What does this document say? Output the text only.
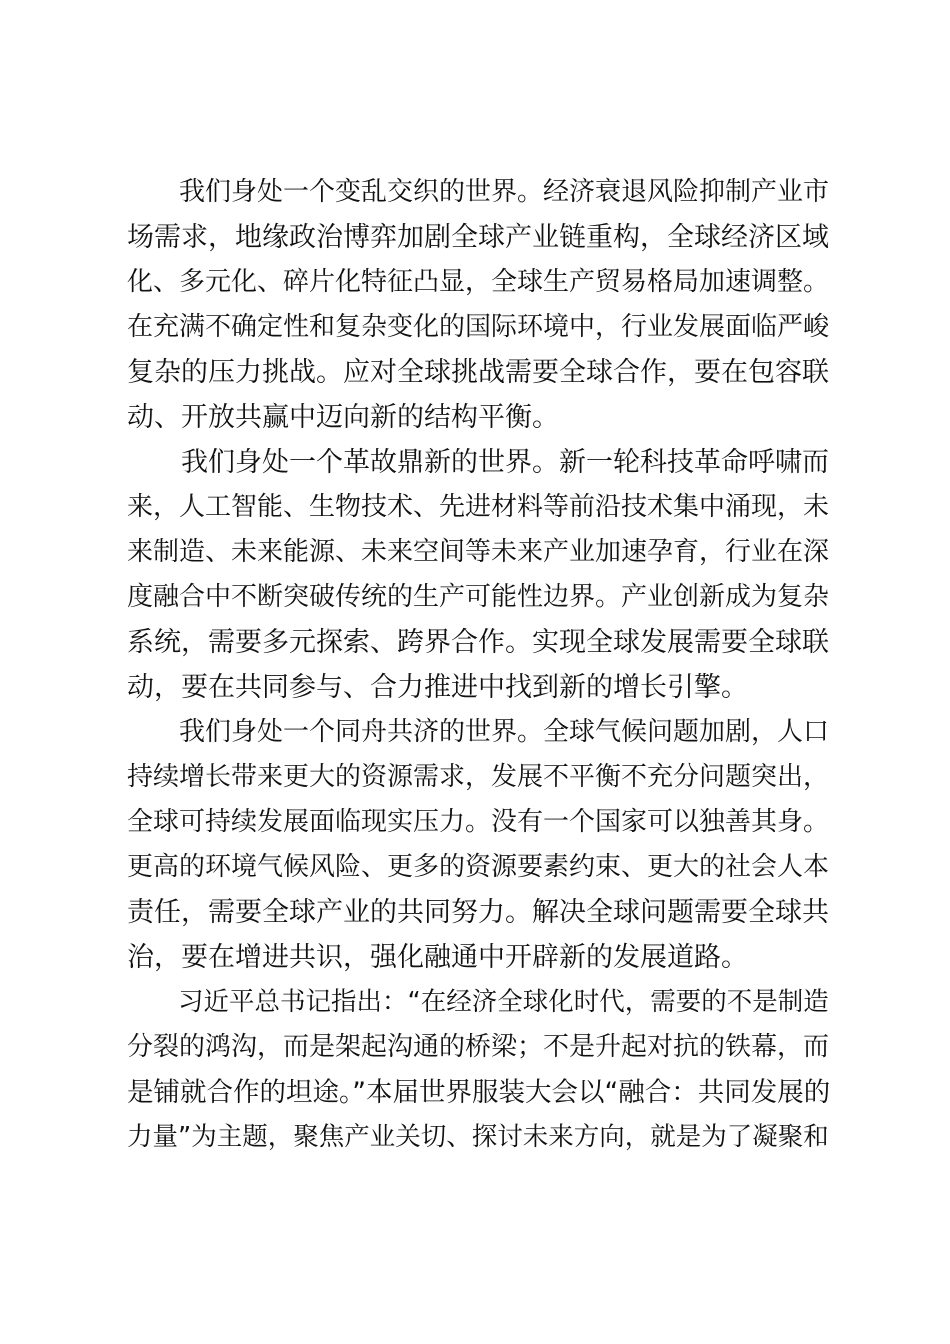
　　我们身处一个变乱交织的世界。经济衰退风险抑制产业市
场需求，地缘政治博弈加剧全球产业链重构，全球经济区域
化、多元化、碎片化特征凸显，全球生产贸易格局加速调整。
在充满不确定性和复杂变化的国际环境中，行业发展面临严峻
复杂的压力挑战。应对全球挑战需要全球合作，要在包容联
动、开放共赢中迈向新的结构平衡。
　　我们身处一个革故鼎新的世界。新一轮科技革命呼啸而
来，人工智能、生物技术、先进材料等前沿技术集中涌现，未
来制造、未来能源、未来空间等未来产业加速孕育，行业在深
度融合中不断突破传统的生产可能性边界。产业创新成为复杂
系统，需要多元探索、跨界合作。实现全球发展需要全球联
动，要在共同参与、合力推进中找到新的增长引擎。
　　我们身处一个同舟共济的世界。全球气候问题加剧，人口
持续增长带来更大的资源需求，发展不平衡不充分问题突出，
全球可持续发展面临现实压力。没有一个国家可以独善其身。
更高的环境气候风险、更多的资源要素约束、更大的社会人本
责任，需要全球产业的共同努力。解决全球问题需要全球共
治，要在增进共识，强化融通中开辟新的发展道路。
　　习近平总书记指出：“在经济全球化时代，需要的不是制造
分裂的鸿沟，而是架起沟通的桥梁；不是升起对抗的铁幕，而
是铺就合作的坦途。”本届世界服装大会以“融合：共同发展的
力量”为主题，聚焦产业关切、探讨未来方向，就是为了凝聚和
